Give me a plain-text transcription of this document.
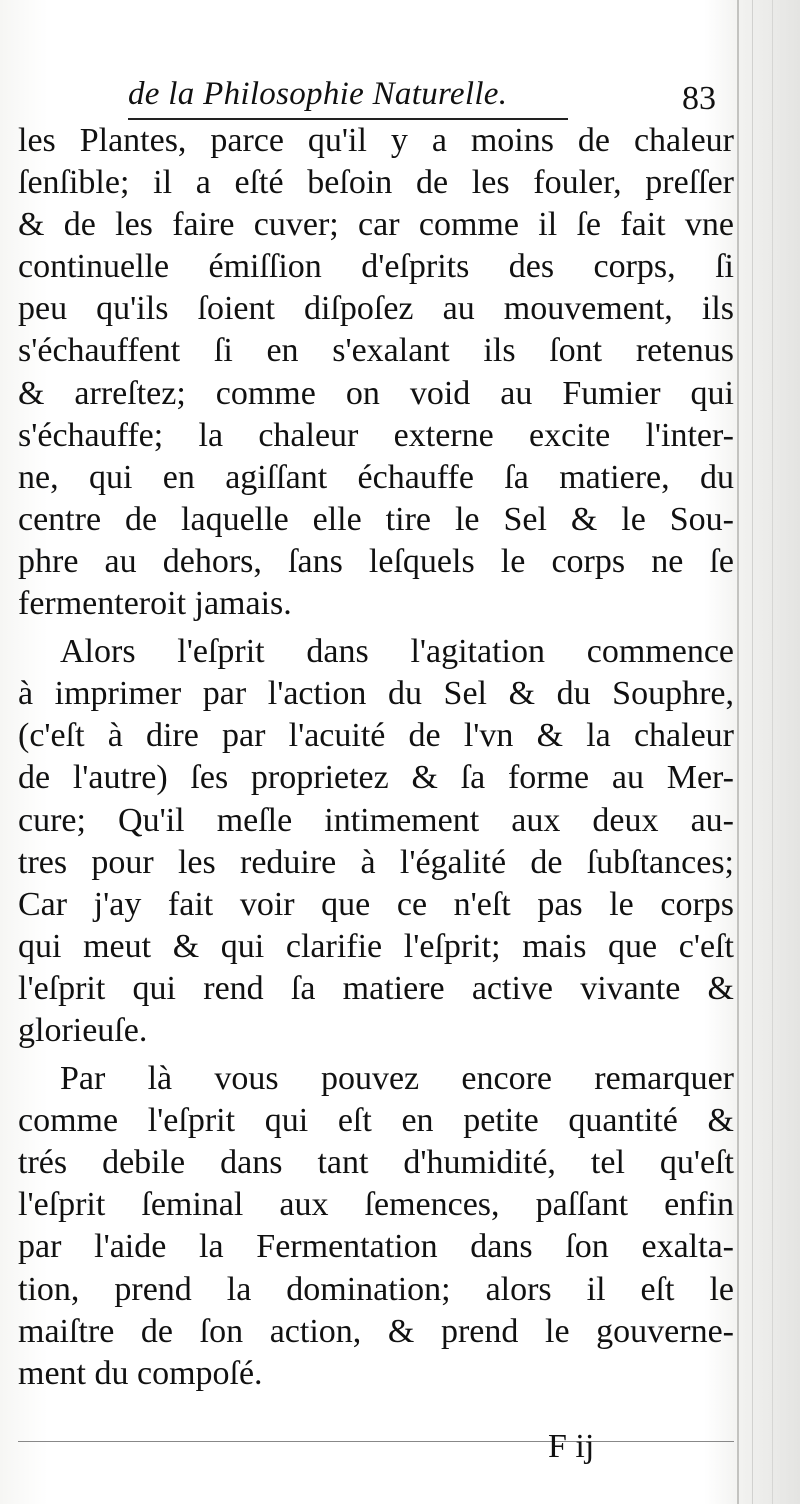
de la Philosophie Naturelle.	83
les Plantes, parce qu'il y a moins de chaleur
ſenſible; il a eſté beſoin de les fouler, preſſer
& de les faire cuver; car comme il ſe fait vne
continuelle émiſſion d'eſprits des corps, ſi
peu qu'ils ſoient diſpoſez au mouvement, ils
s'échauffent ſi en s'exalant ils ſont retenus
& arreſtez; comme on void au Fumier qui
s'échauffe; la chaleur externe excite l'inter-
ne, qui en agiſſant échauffe ſa matiere, du
centre de laquelle elle tire le Sel & le Sou-
phre au dehors, ſans leſquels le corps ne ſe
fermenteroit jamais.
Alors l'eſprit dans l'agitation commence
à imprimer par l'action du Sel & du Souphre,
(c'eſt à dire par l'acuité de l'vn & la chaleur
de l'autre) ſes proprietez & ſa forme au Mer-
cure; Qu'il meſle intimement aux deux au-
tres pour les reduire à l'égalité de ſubſtances;
Car j'ay fait voir que ce n'eſt pas le corps
qui meut & qui clarifie l'eſprit; mais que c'eſt
l'eſprit qui rend ſa matiere active vivante &
glorieuſe.
Par là vous pouvez encore remarquer
comme l'eſprit qui eſt en petite quantité &
trés debile dans tant d'humidité, tel qu'eſt
l'eſprit ſeminal aux ſemences, paſſant enfin
par l'aide la Fermentation dans ſon exalta-
tion, prend la domination; alors il eſt le
maiſtre de ſon action, & prend le gouverne-
ment du compoſé.
F ij
